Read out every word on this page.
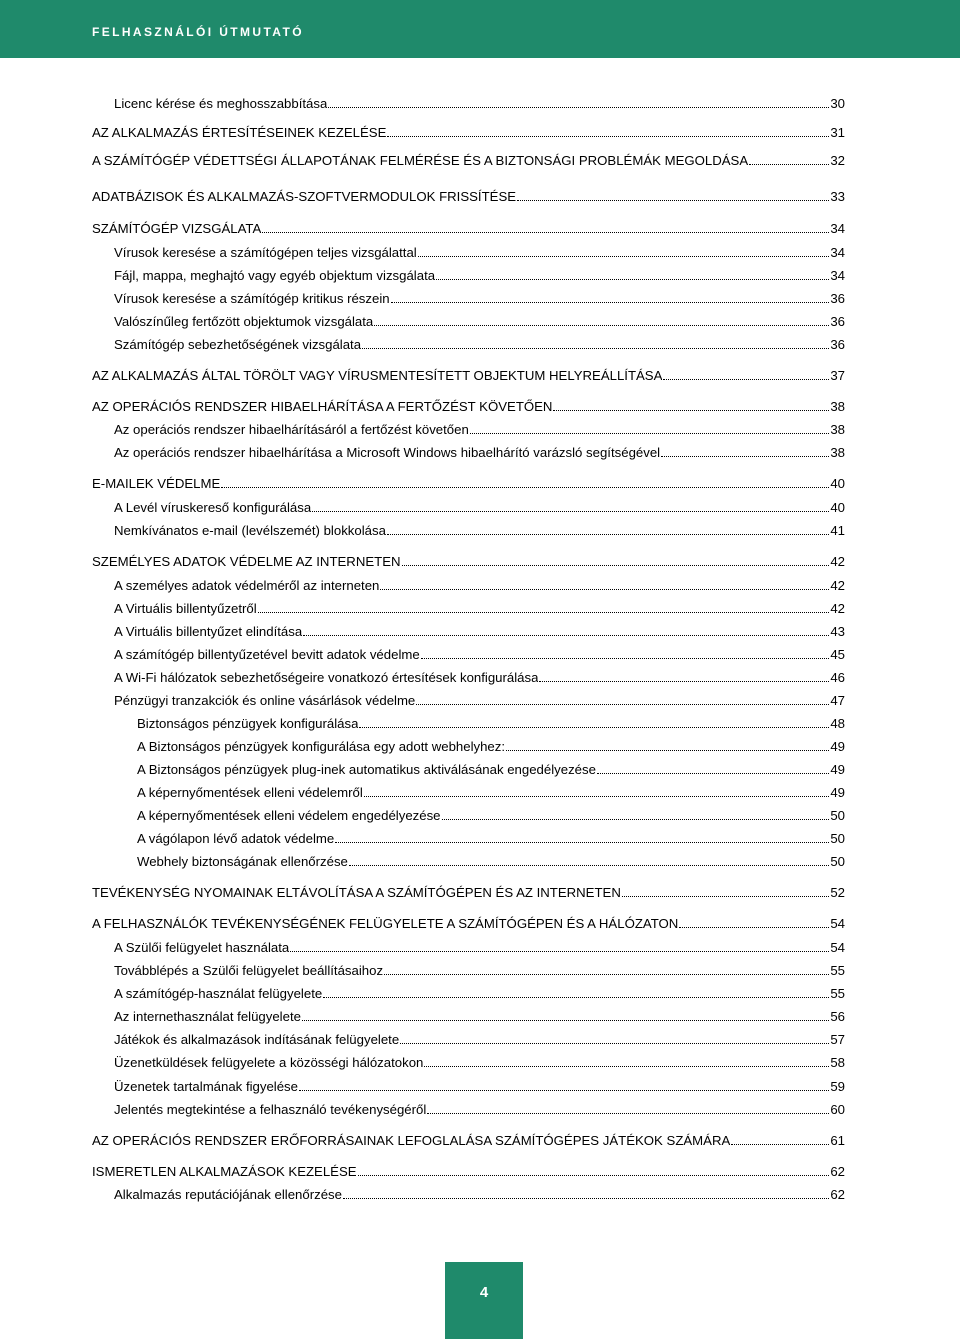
FELHASZNÁLÓI ÚTMUTATÓ
Licenc kérése és meghosszabbítása	30
AZ ALKALMAZÁS ÉRTESÍTÉSEINEK KEZELÉSE	31
A SZÁMÍTÓGÉP VÉDETTSÉGI ÁLLAPOTÁNAK FELMÉRÉSE ÉS A BIZTONSÁGI PROBLÉMÁK MEGOLDÁSA	32
ADATBÁZISOK ÉS ALKALMAZÁS-SZOFTVERMODULOK FRISSÍTÉSE	33
SZÁMÍTÓGÉP VIZSGÁLATA	34
Vírusok keresése a számítógépen teljes vizsgálattal	34
Fájl, mappa, meghajtó vagy egyéb objektum vizsgálata	34
Vírusok keresése a számítógép kritikus részein	36
Valószínűleg fertőzött objektumok vizsgálata	36
Számítógép sebezhetőségének vizsgálata	36
AZ ALKALMAZÁS ÁLTAL TÖRÖLT VAGY VÍRUSMENTESÍTETT OBJEKTUM HELYREÁLLÍTÁSA	37
AZ OPERÁCIÓS RENDSZER HIBAELHÁRÍTÁSA A FERTŐZÉST KÖVETŐEN	38
Az operációs rendszer hibaelhárításáról a fertőzést követően	38
Az operációs rendszer hibaelhárítása a Microsoft Windows hibaelhárító varázsló segítségével	38
E-MAILEK VÉDELME	40
A Levél víruskereső konfigurálása	40
Nemkívánatos e-mail (levélszemét) blokkolása	41
SZEMÉLYES ADATOK VÉDELME AZ INTERNETEN	42
A személyes adatok védelméről az interneten	42
A Virtuális billentyűzetről	42
A Virtuális billentyűzet elindítása	43
A számítógép billentyűzetével bevitt adatok védelme	45
A Wi-Fi hálózatok sebezhetőségeire vonatkozó értesítések konfigurálása	46
Pénzügyi tranzakciók és online vásárlások védelme	47
Biztonságos pénzügyek konfigurálása	48
A Biztonságos pénzügyek konfigurálása egy adott webhelyhez:	49
A Biztonságos pénzügyek plug-inek automatikus aktiválásának engedélyezése	49
A képernyőmentések elleni védelemről	49
A képernyőmentések elleni védelem engedélyezése	50
A vágólapon lévő adatok védelme	50
Webhely biztonságának ellenőrzése	50
TEVÉKENYSÉG NYOMAINAK ELTÁVOLÍTÁSA A SZÁMÍTÓGÉPEN ÉS AZ INTERNETEN	52
A FELHASZNÁLÓK TEVÉKENYSÉGÉNEK FELÜGYELETE A SZÁMÍTÓGÉPEN ÉS A HÁLÓZATON	54
A Szülői felügyelet használata	54
Továbblépés a Szülői felügyelet beállításaihoz	55
A számítógép-használat felügyelete	55
Az internethasználat felügyelete	56
Játékok és alkalmazások indításának felügyelete	57
Üzenetküldések felügyelete a közösségi hálózatokon	58
Üzenetek tartalmának figyelése	59
Jelentés megtekintése a felhasználó tevékenységéről	60
AZ OPERÁCIÓS RENDSZER ERŐFORRÁSAINAK LEFOGLALÁSA SZÁMÍTÓGÉPES JÁTÉKOK SZÁMÁRA	61
ISMERETLEN ALKALMAZÁSOK KEZELÉSE	62
Alkalmazás reputációjának ellenőrzése	62
4
